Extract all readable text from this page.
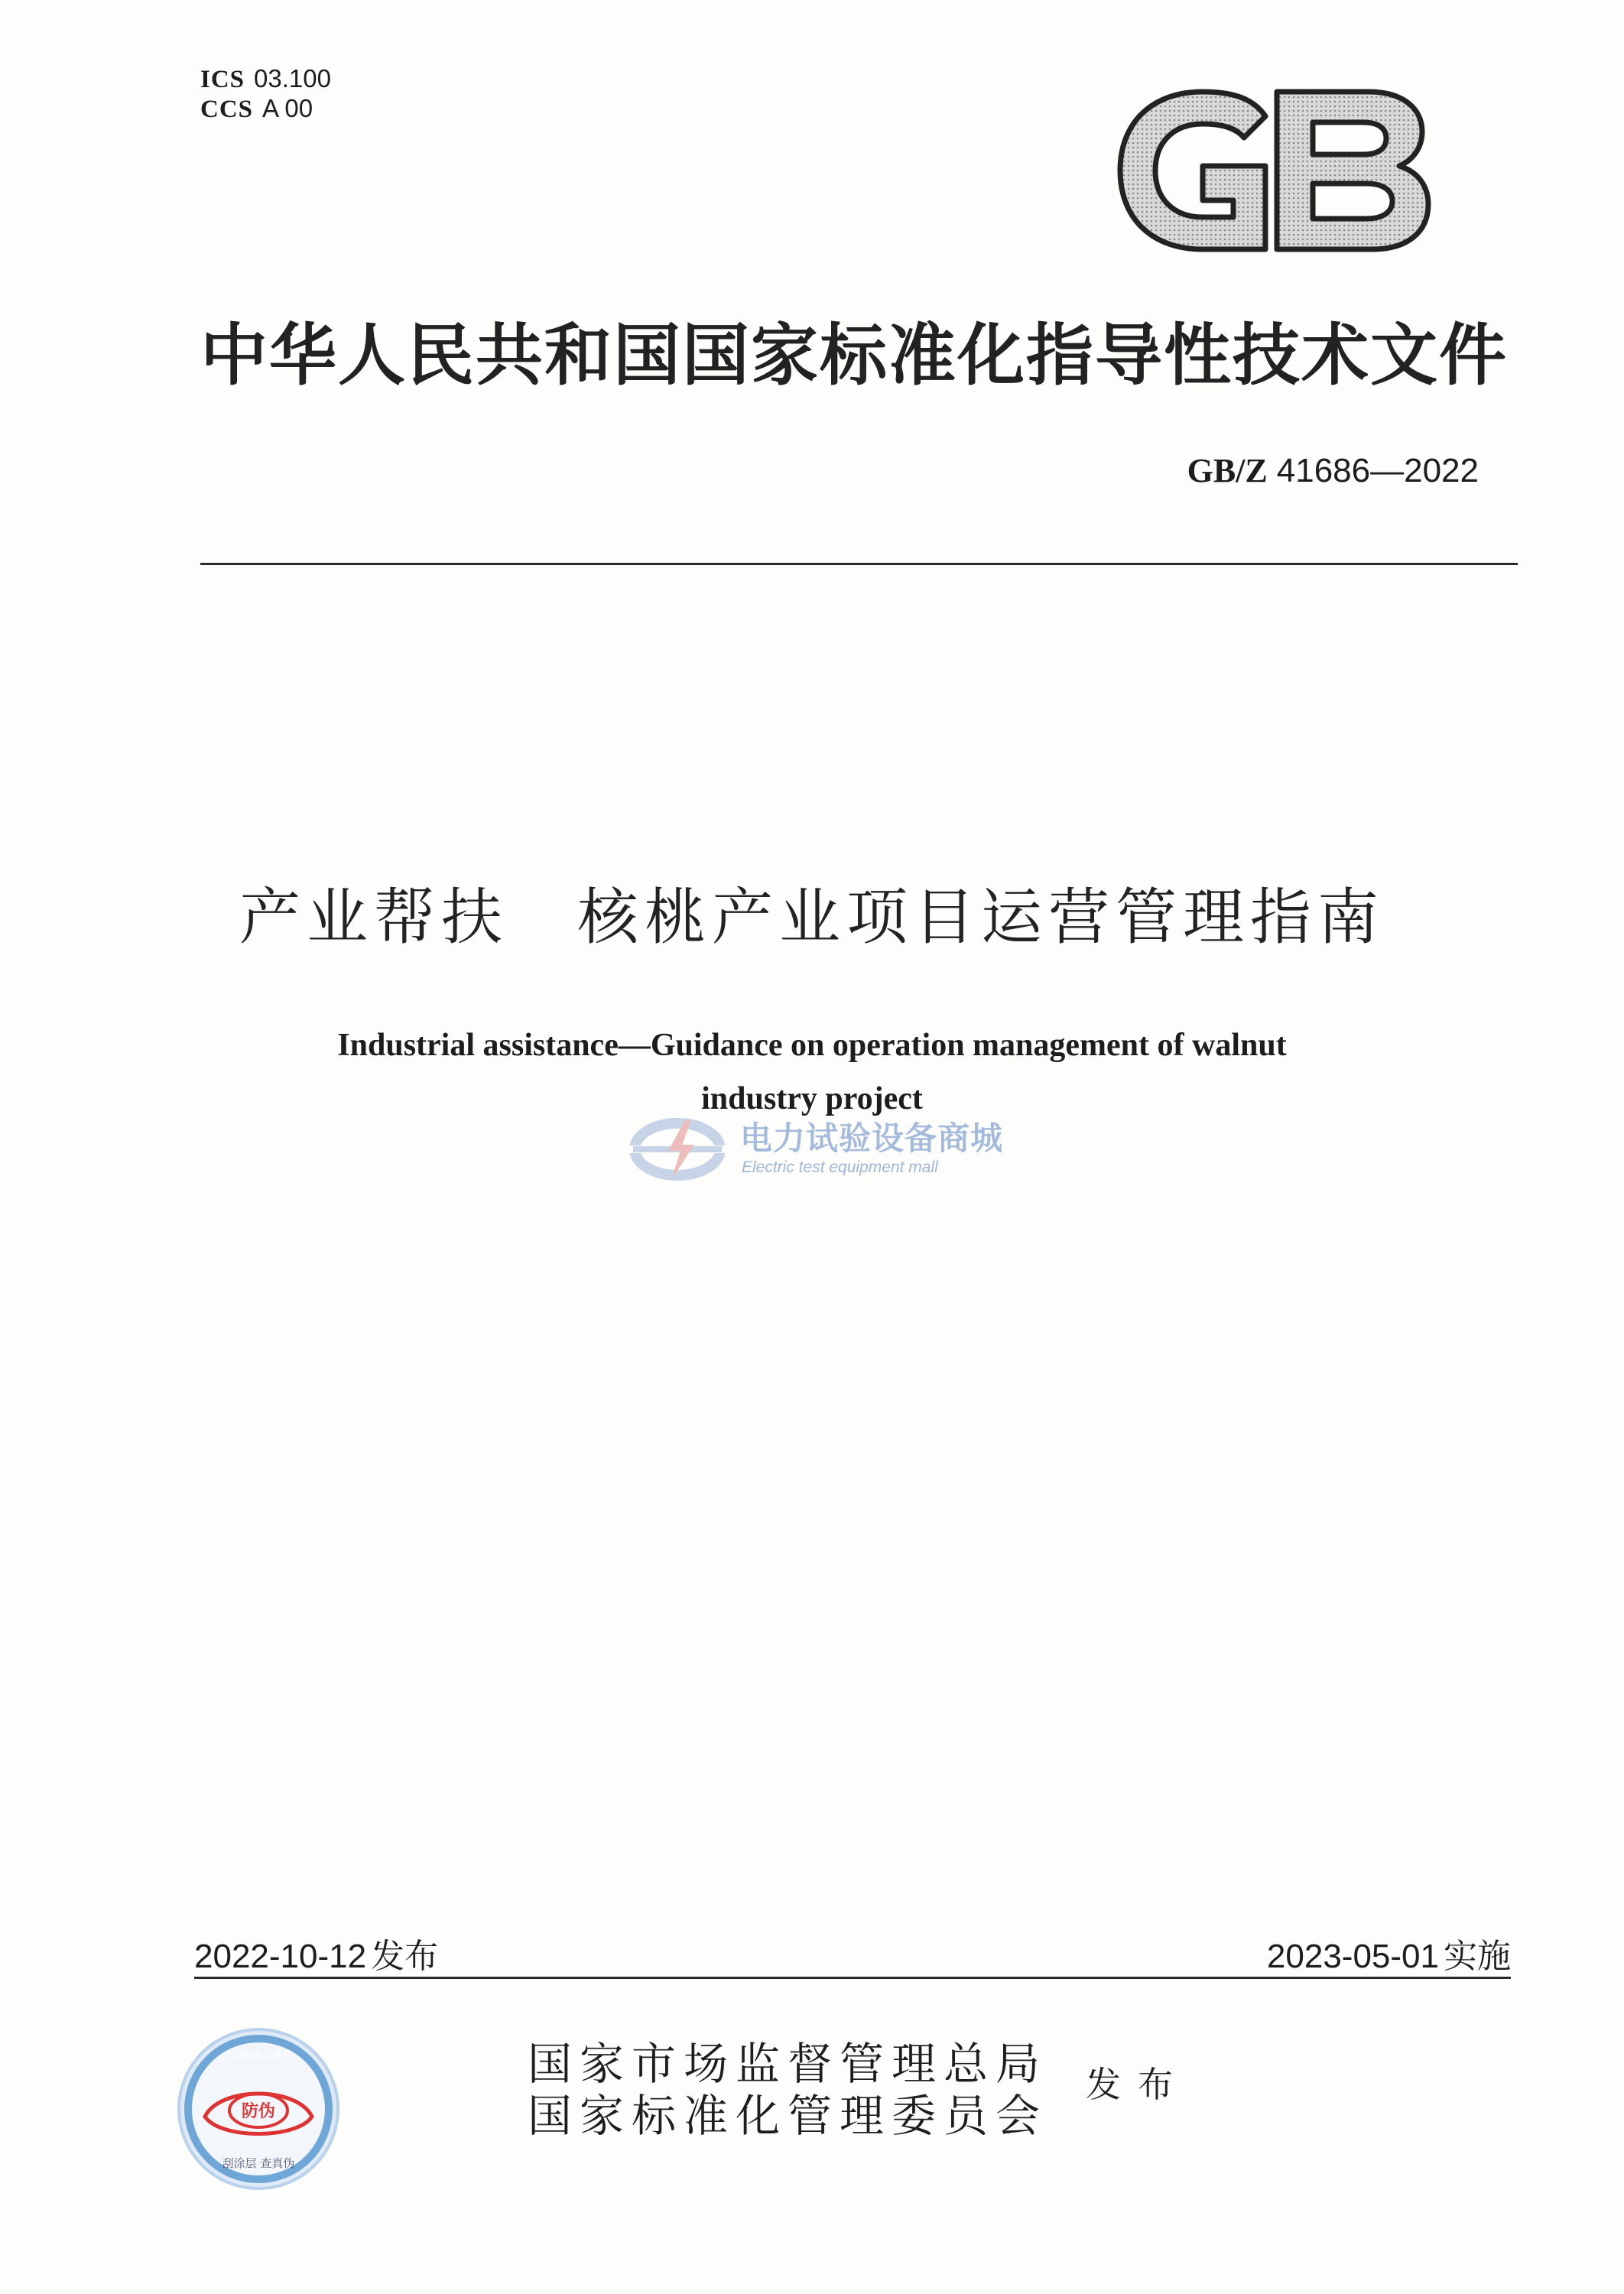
ICS 03.100
CCS A 00
中华人民共和国国家标准化指导性技术文件
GB/Z 41686—2022
产业帮扶 核桃产业项目运营管理指南
Industrial assistance—Guidance on operation management of walnut
industry project
电力试验设备商城
Electric test equipment mall
2022-10-12 发布	2023-05-01 实施
防伪
刮涂层 查真伪
中国标准出版社	国家市场监督管理总局
国家标准化管理委员会
发布
